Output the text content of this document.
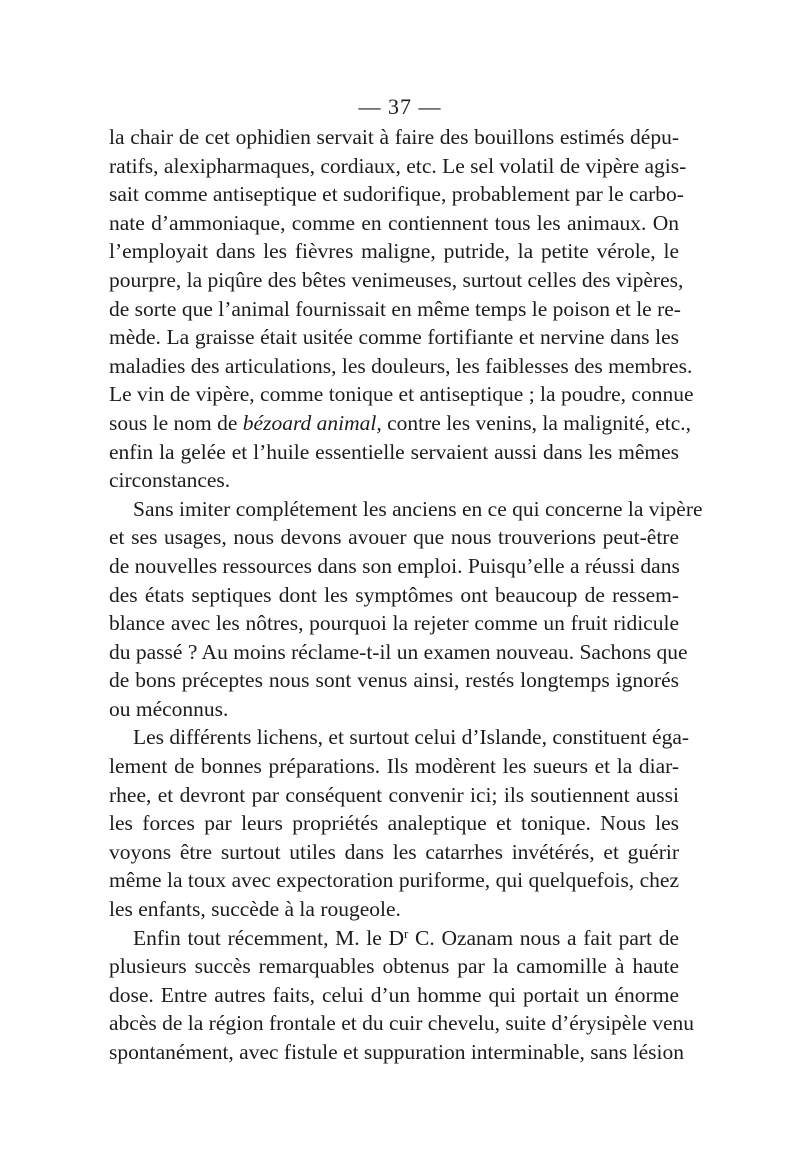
— 37 —
la chair de cet ophidien servait à faire des bouillons estimés dépu-
ratifs, alexipharmaques, cordiaux, etc. Le sel volatil de vipère agis-
sait comme antiseptique et sudorifique, probablement par le carbo-
nate d’ammoniaque, comme en contiennent tous les animaux. On
l’employait dans les fièvres maligne, putride, la petite vérole, le
pourpre, la piqûre des bêtes venimeuses, surtout celles des vipères,
de sorte que l’animal fournissait en même temps le poison et le re-
mède. La graisse était usitée comme fortifiante et nervine dans les
maladies des articulations, les douleurs, les faiblesses des membres.
Le vin de vipère, comme tonique et antiseptique ; la poudre, connue
sous le nom de bézoard animal, contre les venins, la malignité, etc.,
enfin la gelée et l’huile essentielle servaient aussi dans les mêmes
circonstances.
Sans imiter complétement les anciens en ce qui concerne la vipère
et ses usages, nous devons avouer que nous trouverions peut-être
de nouvelles ressources dans son emploi. Puisqu’elle a réussi dans
des états septiques dont les symptômes ont beaucoup de ressem-
blance avec les nôtres, pourquoi la rejeter comme un fruit ridicule
du passé ? Au moins réclame-t-il un examen nouveau. Sachons que
de bons préceptes nous sont venus ainsi, restés longtemps ignorés
ou méconnus.
Les différents lichens, et surtout celui d’Islande, constituent éga-
lement de bonnes préparations. Ils modèrent les sueurs et la diar-
rhee, et devront par conséquent convenir ici; ils soutiennent aussi
les forces par leurs propriétés analeptique et tonique. Nous les
voyons être surtout utiles dans les catarrhes invétérés, et guérir
même la toux avec expectoration puriforme, qui quelquefois, chez
les enfants, succède à la rougeole.
Enfin tout récemment, M. le $D^r$ C. Ozanam nous a fait part de
plusieurs succès remarquables obtenus par la camomille à haute
dose. Entre autres faits, celui d’un homme qui portait un énorme
abcès de la région frontale et du cuir chevelu, suite d’érysipèle venu
spontanément, avec fistule et suppuration interminable, sans lésion
